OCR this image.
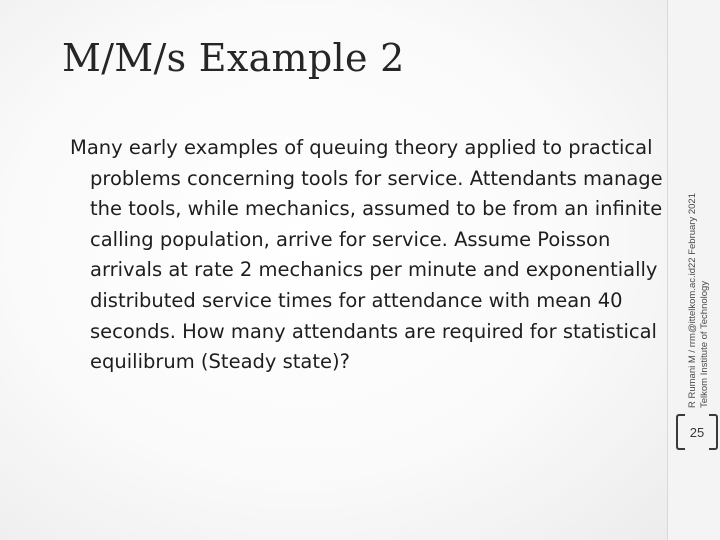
M/M/s Example 2

Many early examples of queuing theory applied to practical problems concerning tools for service. Attendants manage the tools, while mechanics, assumed to be from an infinite calling population, arrive for service. Assume Poisson arrivals at rate 2 mechanics per minute and exponentially distributed service times for attendance with mean 40 seconds. How many attendants are required for statistical equilibrum (Steady state)?

22 February 2021
R Rumani M / rrm@ittelkom.ac.id Telkom Institute of Technology
25
